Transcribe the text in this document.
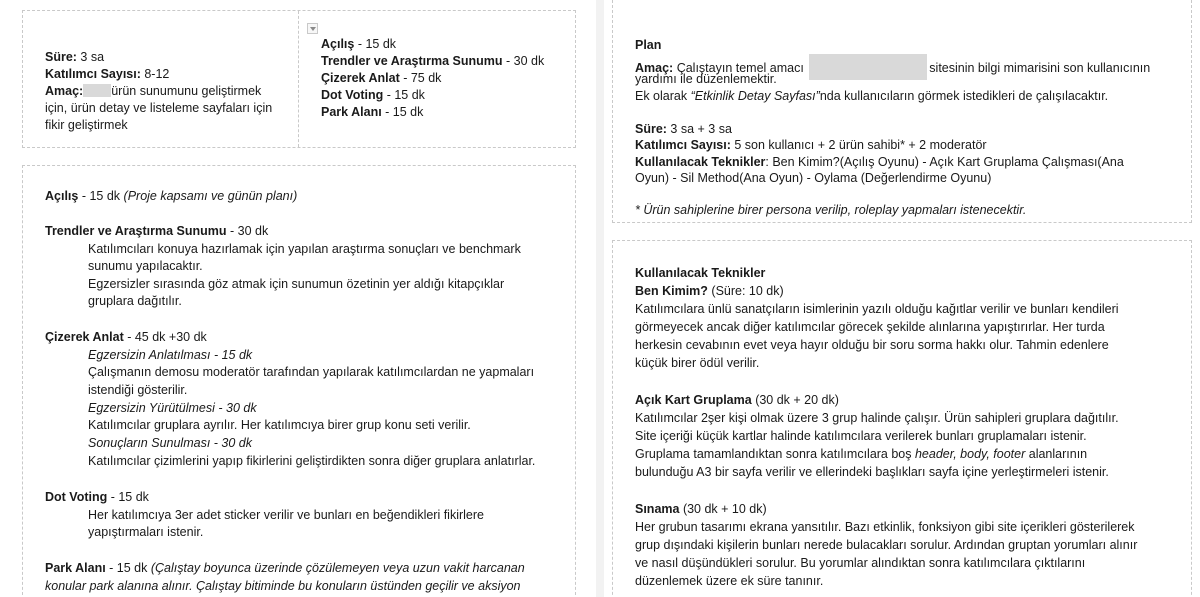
Süre: 3 sa
Katılımcı Sayısı: 8-12
Amaç: ürün sunumunu geliştirmek
için, ürün detay ve listeleme sayfaları için
fikir geliştirmek
Açılış - 15 dk
Trendler ve Araştırma Sunumu - 30 dk
Çizerek Anlat - 75 dk
Dot Voting - 15 dk
Park Alanı - 15 dk
Açılış - 15 dk (Proje kapsamı ve günün planı)
Trendler ve Araştırma Sunumu - 30 dk
Katılımcıları konuya hazırlamak için yapılan araştırma sonuçları ve benchmark
sunumu yapılacaktır.
Egzersizler sırasında göz atmak için sunumun özetinin yer aldığı kitapçıklar
gruplara dağıtılır.
Çizerek Anlat - 45 dk +30 dk
Egzersizin Anlatılması - 15 dk
Çalışmanın demosu moderatör tarafından yapılarak katılımcılardan ne yapmaları
istendiği gösterilir.
Egzersizin Yürütülmesi - 30 dk
Katılımcılar gruplara ayrılır. Her katılımcıya birer grup konu seti verilir.
Sonuçların Sunulması - 30 dk
Katılımcılar çizimlerini yapıp fikirlerini geliştirdikten sonra diğer gruplara anlatırlar.
Dot Voting - 15 dk
Her katılımcıya 3er adet sticker verilir ve bunları en beğendikleri fikirlere
yapıştırmaları istenir.
Park Alanı - 15 dk (Çalıştay boyunca üzerinde çözülemeyen veya uzun vakit harcanan
konular park alanına alınır. Çalıştay bitiminde bu konuların üstünden geçilir ve aksiyon
Plan
Amaç: Çalıştayın temel amacı	sitesinin bilgi mimarisini son kullanıcının
yardımı ile düzenlemektir.
Ek olarak “Etkinlik Detay Sayfası”nda kullanıcıların görmek istedikleri de çalışılacaktır.
Süre: 3 sa + 3 sa
Katılımcı Sayısı: 5 son kullanıcı + 2 ürün sahibi* + 2 moderatör
Kullanılacak Teknikler: Ben Kimim?(Açılış Oyunu) - Açık Kart Gruplama Çalışması(Ana
Oyun) - Sil Method(Ana Oyun) - Oylama (Değerlendirme Oyunu)
* Ürün sahiplerine birer persona verilip, roleplay yapmaları istenecektir.
Kullanılacak Teknikler
Ben Kimim? (Süre: 10 dk)
Katılımcılara ünlü sanatçıların isimlerinin yazılı olduğu kağıtlar verilir ve bunları kendileri
görmeyecek ancak diğer katılımcılar görecek şekilde alınlarına yapıştırırlar. Her turda
herkesin cevabının evet veya hayır olduğu bir soru sorma hakkı olur. Tahmin edenlere
küçük birer ödül verilir.
Açık Kart Gruplama (30 dk + 20 dk)
Katılımcılar 2şer kişi olmak üzere 3 grup halinde çalışır. Ürün sahipleri gruplara dağıtılır.
Site içeriği küçük kartlar halinde katılımcılara verilerek bunları gruplamaları istenir.
Gruplama tamamlandıktan sonra katılımcılara boş header, body, footer alanlarının
bulunduğu A3 bir sayfa verilir ve ellerindeki başlıkları sayfa içine yerleştirmeleri istenir.
Sınama (30 dk + 10 dk)
Her grubun tasarımı ekrana yansıtılır. Bazı etkinlik, fonksiyon gibi site içerikleri gösterilerek
grup dışındaki kişilerin bunları nerede bulacakları sorulur. Ardından gruptan yorumları alınır
ve nasıl düşündükleri sorulur. Bu yorumlar alındıktan sonra katılımcılara çıktılarını
düzenlemek üzere ek süre tanınır.
